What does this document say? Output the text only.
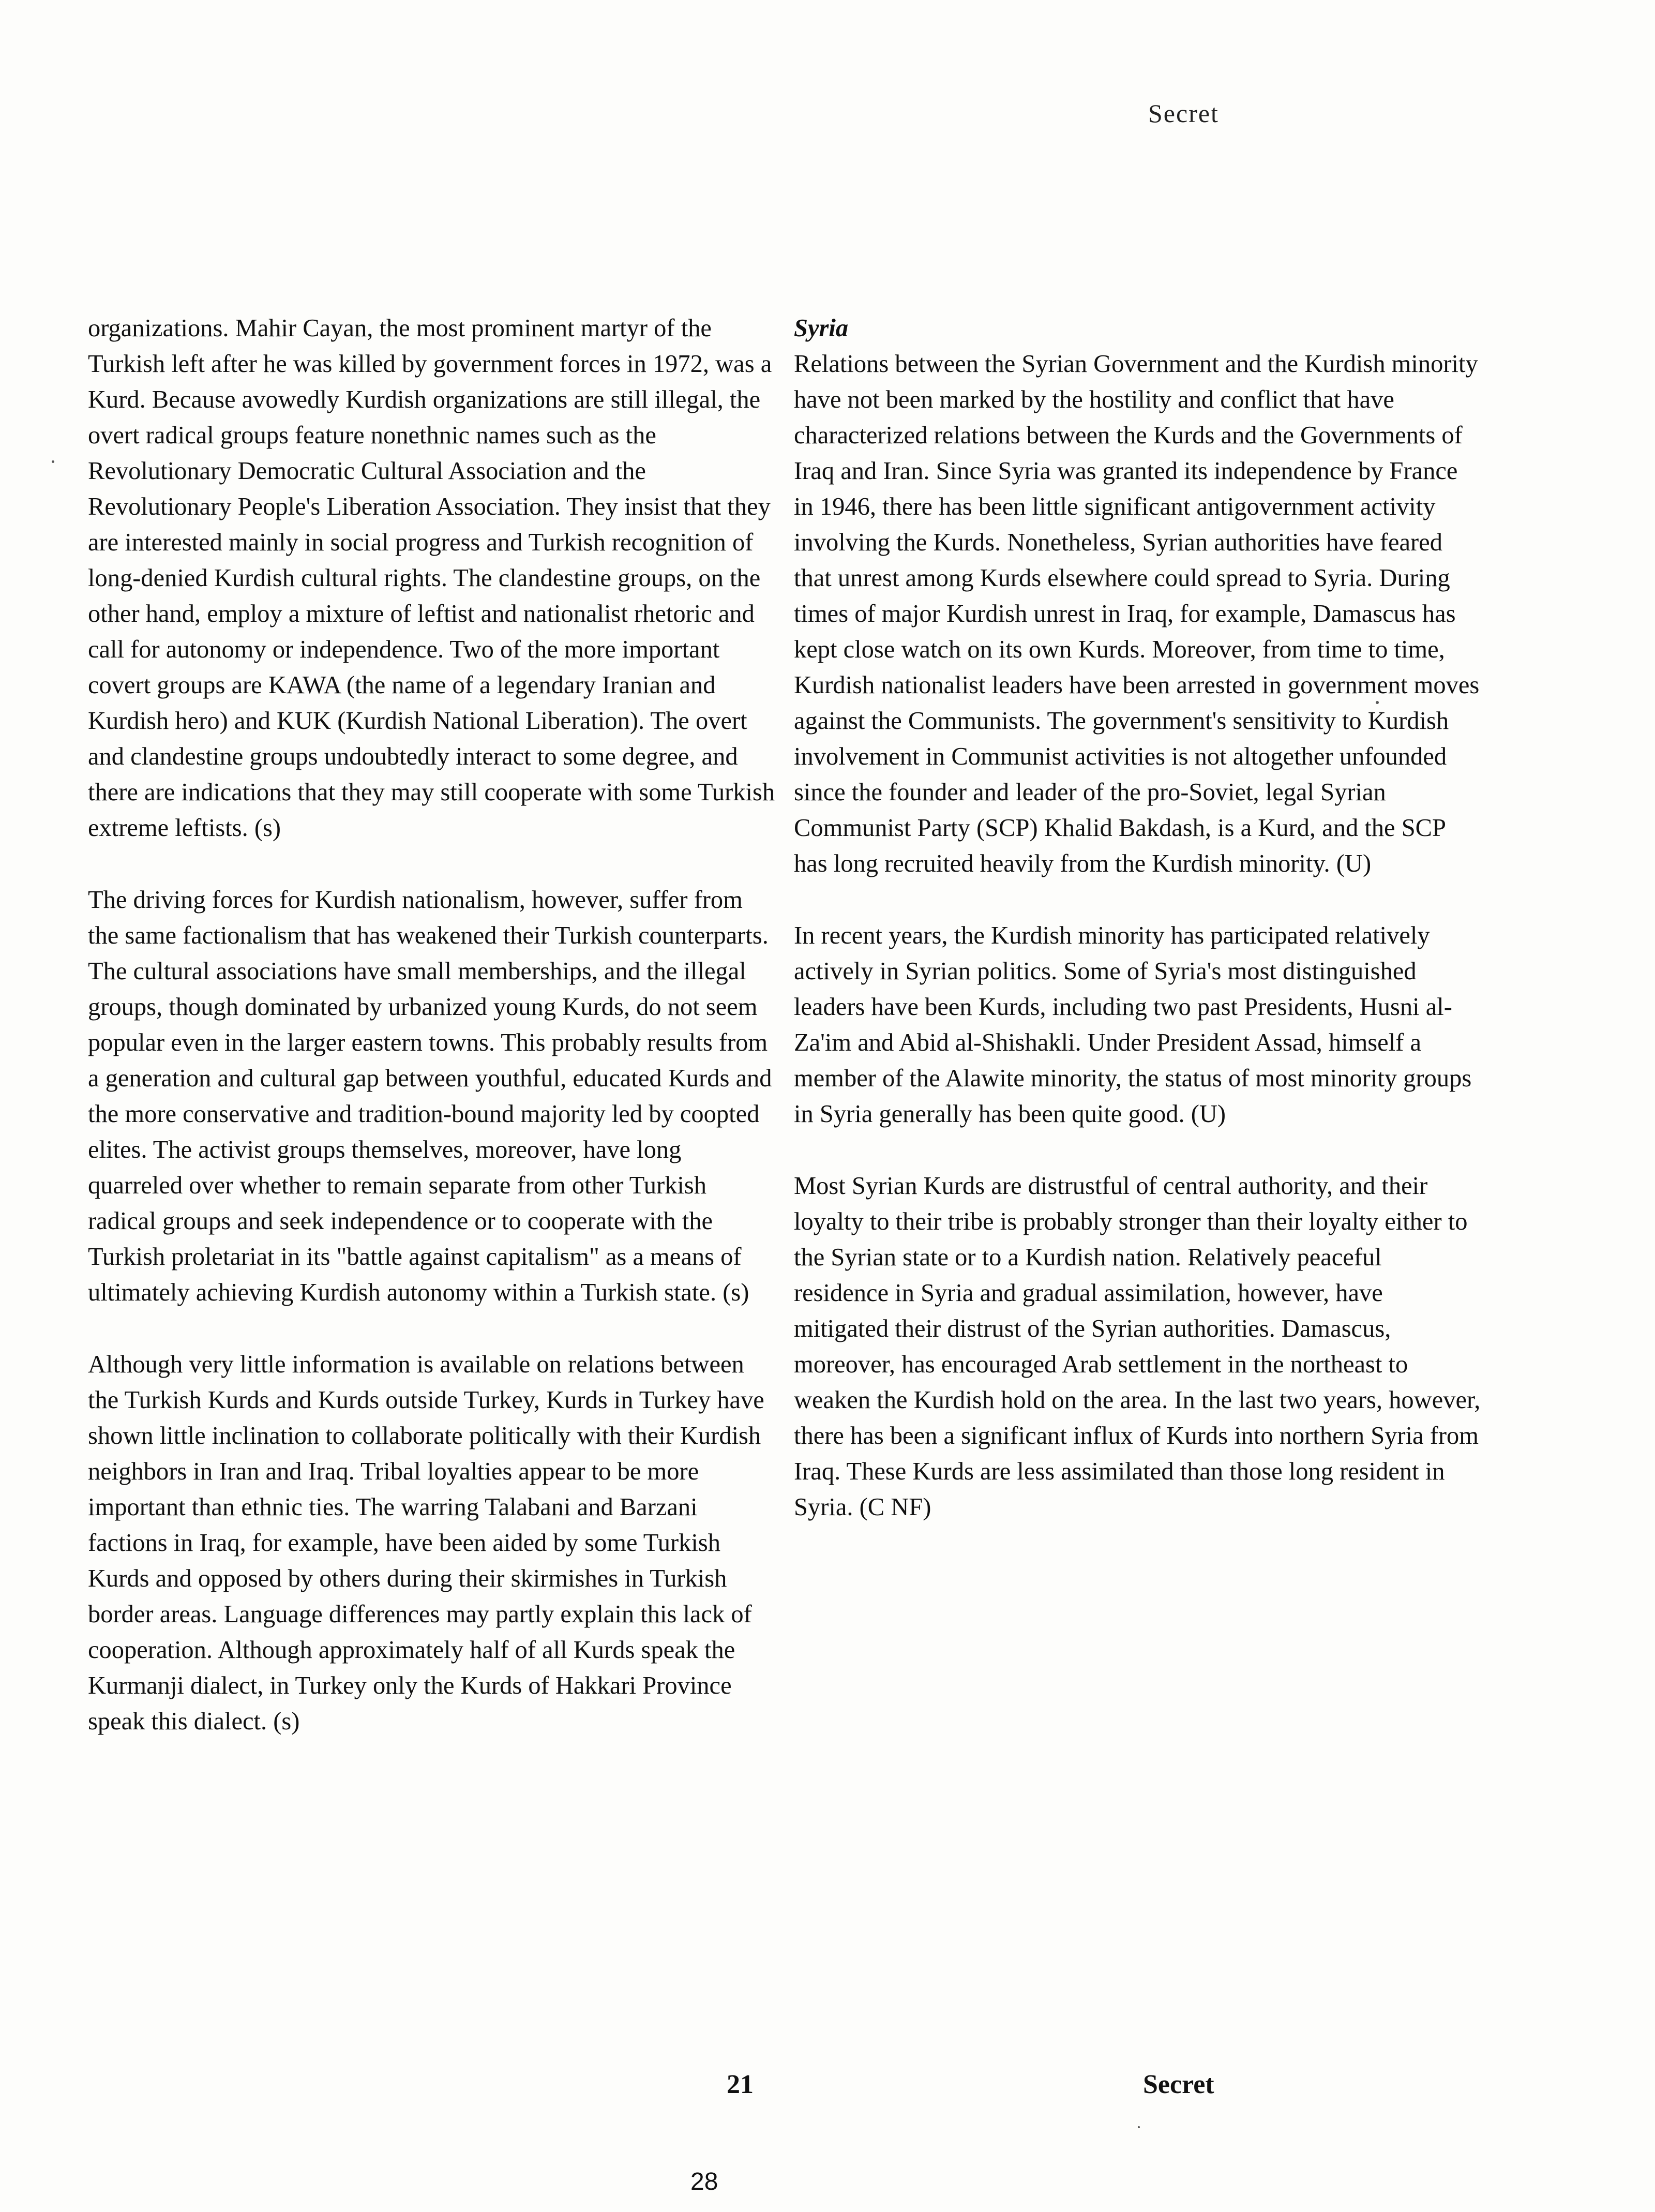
Secret

organizations. Mahir Cayan, the most prominent martyr of the Turkish left after he was killed by government forces in 1972, was a Kurd. Because avowedly Kurdish organizations are still illegal, the overt radical groups feature nonethnic names such as the Revolutionary Democratic Cultural Association and the Revolutionary People's Liberation Association. They insist that they are interested mainly in social progress and Turkish recognition of long-denied Kurdish cultural rights. The clandestine groups, on the other hand, employ a mixture of leftist and nationalist rhetoric and call for autonomy or independence. Two of the more important covert groups are KAWA (the name of a legendary Iranian and Kurdish hero) and KUK (Kurdish National Liberation). The overt and clandestine groups undoubtedly interact to some degree, and there are indications that they may still cooperate with some Turkish extreme leftists. (s)

The driving forces for Kurdish nationalism, however, suffer from the same factionalism that has weakened their Turkish counterparts. The cultural associations have small memberships, and the illegal groups, though dominated by urbanized young Kurds, do not seem popular even in the larger eastern towns. This probably results from a generation and cultural gap between youthful, educated Kurds and the more conservative and tradition-bound majority led by coopted elites. The activist groups themselves, moreover, have long quarreled over whether to remain separate from other Turkish radical groups and seek independence or to cooperate with the Turkish proletariat in its "battle against capitalism" as a means of ultimately achieving Kurdish autonomy within a Turkish state. (s)

Although very little information is available on relations between the Turkish Kurds and Kurds outside Turkey, Kurds in Turkey have shown little inclination to collaborate politically with their Kurdish neighbors in Iran and Iraq. Tribal loyalties appear to be more important than ethnic ties. The warring Talabani and Barzani factions in Iraq, for example, have been aided by some Turkish Kurds and opposed by others during their skirmishes in Turkish border areas. Language differences may partly explain this lack of cooperation. Although approximately half of all Kurds speak the Kurmanji dialect, in Turkey only the Kurds of Hakkari Province speak this dialect. (s)

Syria

Relations between the Syrian Government and the Kurdish minority have not been marked by the hostility and conflict that have characterized relations between the Kurds and the Governments of Iraq and Iran. Since Syria was granted its independence by France in 1946, there has been little significant antigovernment activity involving the Kurds. Nonetheless, Syrian authorities have feared that unrest among Kurds elsewhere could spread to Syria. During times of major Kurdish unrest in Iraq, for example, Damascus has kept close watch on its own Kurds. Moreover, from time to time, Kurdish nationalist leaders have been arrested in government moves against the Communists. The government's sensitivity to Kurdish involvement in Communist activities is not altogether unfounded since the founder and leader of the pro-Soviet, legal Syrian Communist Party (SCP) Khalid Bakdash, is a Kurd, and the SCP has long recruited heavily from the Kurdish minority. (U)

In recent years, the Kurdish minority has participated relatively actively in Syrian politics. Some of Syria's most distinguished leaders have been Kurds, including two past Presidents, Husni al-Za'im and Abid al-Shishakli. Under President Assad, himself a member of the Alawite minority, the status of most minority groups in Syria generally has been quite good. (U)

Most Syrian Kurds are distrustful of central authority, and their loyalty to their tribe is probably stronger than their loyalty either to the Syrian state or to a Kurdish nation. Relatively peaceful residence in Syria and gradual assimilation, however, have mitigated their distrust of the Syrian authorities. Damascus, moreover, has encouraged Arab settlement in the northeast to weaken the Kurdish hold on the area. In the last two years, however, there has been a significant influx of Kurds into northern Syria from Iraq. These Kurds are less assimilated than those long resident in Syria. (C NF)

21	Secret
28
